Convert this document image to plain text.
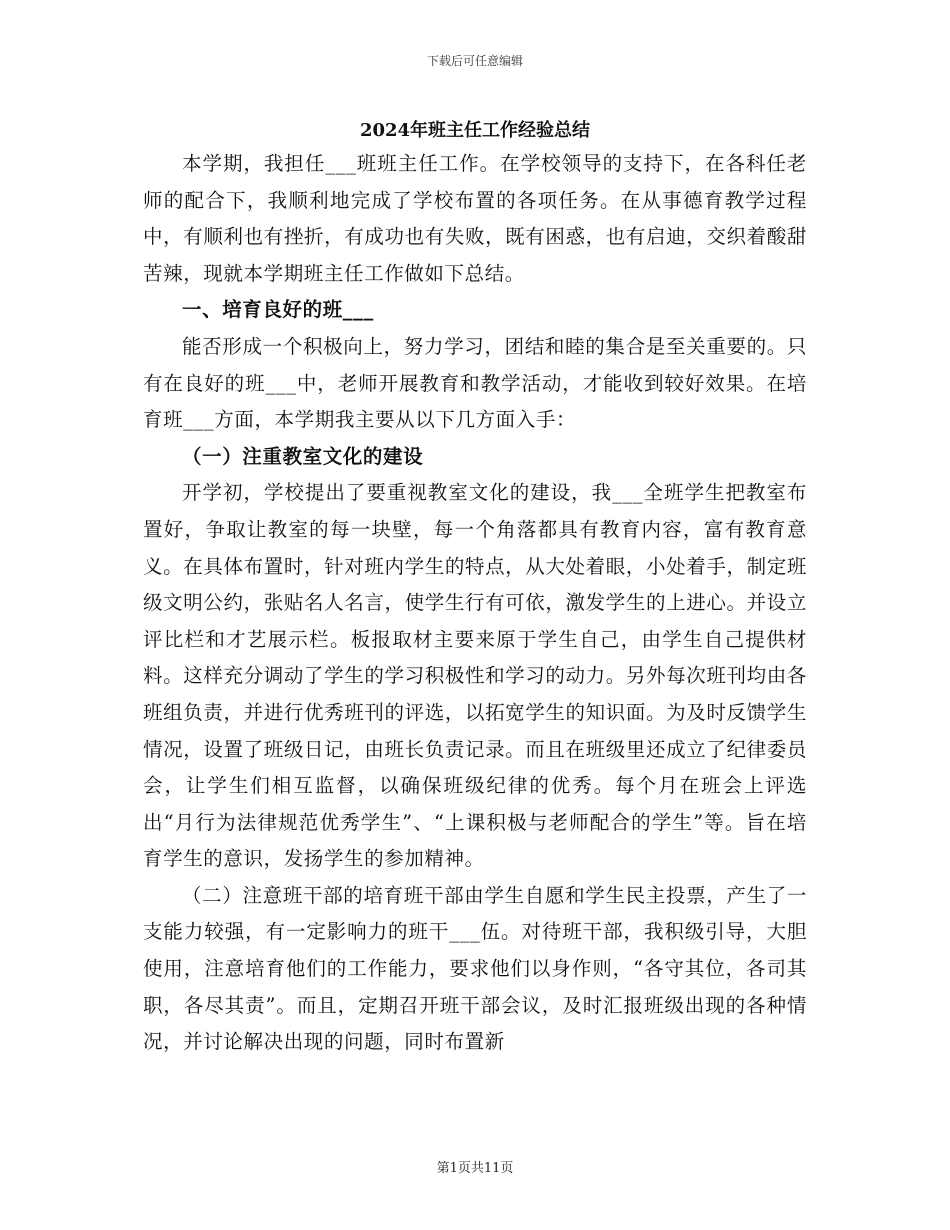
下载后可任意编辑
2024年班主任工作经验总结

本学期，我担任___班班主任工作。在学校领导的支持下，在各科任老师的配合下，我顺利地完成了学校布置的各项任务。在从事德育教学过程中，有顺利也有挫折，有成功也有失败，既有困惑，也有启迪，交织着酸甜苦辣，现就本学期班主任工作做如下总结。

一、培育良好的班___

能否形成一个积极向上，努力学习，团结和睦的集合是至关重要的。只有在良好的班___中，老师开展教育和教学活动，才能收到较好效果。在培育班___方面，本学期我主要从以下几方面入手：

（一）注重教室文化的建设

开学初，学校提出了要重视教室文化的建设，我___全班学生把教室布置好，争取让教室的每一块壁，每一个角落都具有教育内容，富有教育意义。在具体布置时，针对班内学生的特点，从大处着眼，小处着手，制定班级文明公约，张贴名人名言，使学生行有可依，激发学生的上进心。并设立评比栏和才艺展示栏。板报取材主要来原于学生自己，由学生自己提供材料。这样充分调动了学生的学习积极性和学习的动力。另外每次班刊均由各班组负责，并进行优秀班刊的评选，以拓宽学生的知识面。为及时反馈学生情况，设置了班级日记，由班长负责记录。而且在班级里还成立了纪律委员会，让学生们相互监督，以确保班级纪律的优秀。每个月在班会上评选出“月行为法律规范优秀学生”、“上课积极与老师配合的学生”等。旨在培育学生的意识，发扬学生的参加精神。

（二）注意班干部的培育班干部由学生自愿和学生民主投票，产生了一支能力较强，有一定影响力的班干___伍。对待班干部，我积级引导，大胆使用，注意培育他们的工作能力，要求他们以身作则，“各守其位，各司其职，各尽其责”。而且，定期召开班干部会议，及时汇报班级出现的各种情况，并讨论解决出现的问题，同时布置新

第1页共11页
